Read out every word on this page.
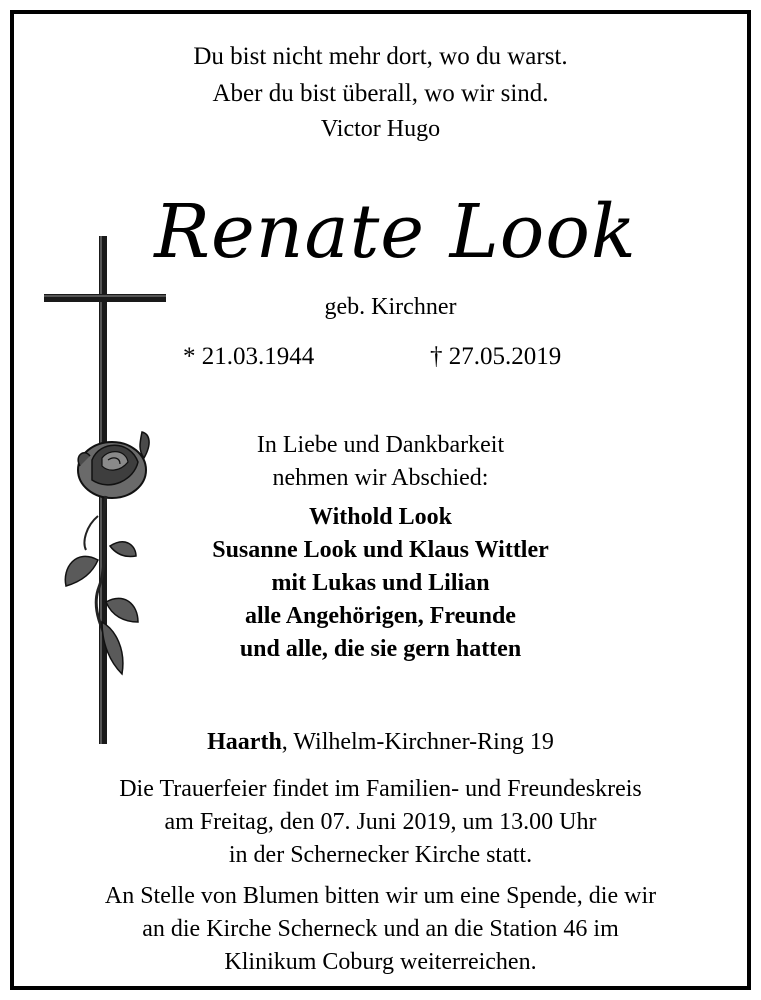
Du bist nicht mehr dort, wo du warst.
Aber du bist überall, wo wir sind.
Victor Hugo
Renate Look
geb. Kirchner
* 21.03.1944	† 27.05.2019
In Liebe und Dankbarkeit
nehmen wir Abschied:
Withold Look
Susanne Look und Klaus Wittler
mit Lukas und Lilian
alle Angehörigen, Freunde
und alle, die sie gern hatten
Haarth, Wilhelm-Kirchner-Ring 19
Die Trauerfeier findet im Familien- und Freundeskreis
am Freitag, den 07. Juni 2019, um 13.00 Uhr
in der Schernecker Kirche statt.
An Stelle von Blumen bitten wir um eine Spende, die wir
an die Kirche Scherneck und an die Station 46 im
Klinikum Coburg weiterreichen.
